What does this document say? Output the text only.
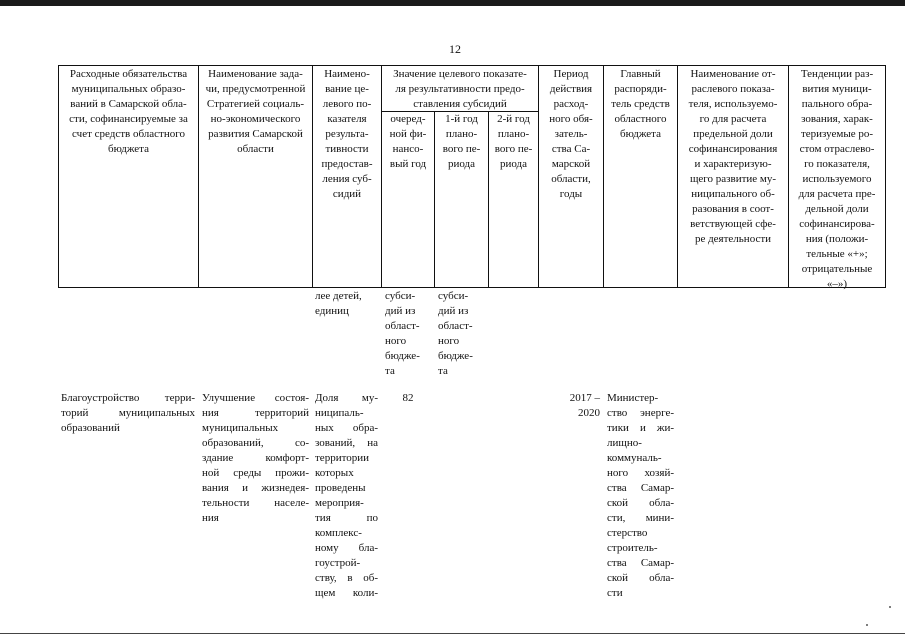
12
Расходные обязательства
муниципальных образо-
ваний в Самарской обла-
сти, софинансируемые за
счет средств областного
бюджета
Наименование зада-
чи, предусмотренной
Стратегией социаль-
но-экономического
развития Самарской
области
Наимено-
вание це-
левого по-
казателя
результа-
тивности
предостав-
ления суб-
сидий
Значение целевого показате-
ля результативности предо-
ставления субсидий
очеред-
ной фи-
нансо-
вый год
1-й год
плано-
вого пе-
риода
2-й год
плано-
вого пе-
риода
Период
действия
расход-
ного обя-
затель-
ства Са-
марской
области,
годы
Главный
распоряди-
тель средств
областного
бюджета
Наименование от-
раслевого показа-
теля, используемо-
го для расчета
предельной доли
софинансирования
и характеризую-
щего развитие му-
ниципального об-
разования в соот-
ветствующей сфе-
ре деятельности
Тенденции раз-
вития муници-
пального обра-
зования, харак-
теризуемые ро-
стом отраслево-
го показателя,
используемого
для расчета пре-
дельной доли
софинансирова-
ния (положи-
тельные «+»;
отрицательные
«–»)
лее детей,
единиц
субси-
дий из
област-
ного
бюдже-
та
субси-
дий из
област-
ного
бюдже-
та
Благоустройство терри-
торий муниципальных
образований
Улучшение состоя-
ния территорий
муниципальных
образований, со-
здание комфорт-
ной среды прожи-
вания и жизнедея-
тельности населе-
ния
Доля му-
ниципаль-
ных обра-
зований, на
территории
которых
проведены
мероприя-
тия по
комплекс-
ному бла-
гоустрой-
ству, в об-
щем коли-
82	2017 –
2020
Министер-
ство энерге-
тики и жи-
лищно-
коммуналь-
ного хозяй-
ства Самар-
ской обла-
сти, мини-
стерство
строитель-
ства Самар-
ской обла-
сти
